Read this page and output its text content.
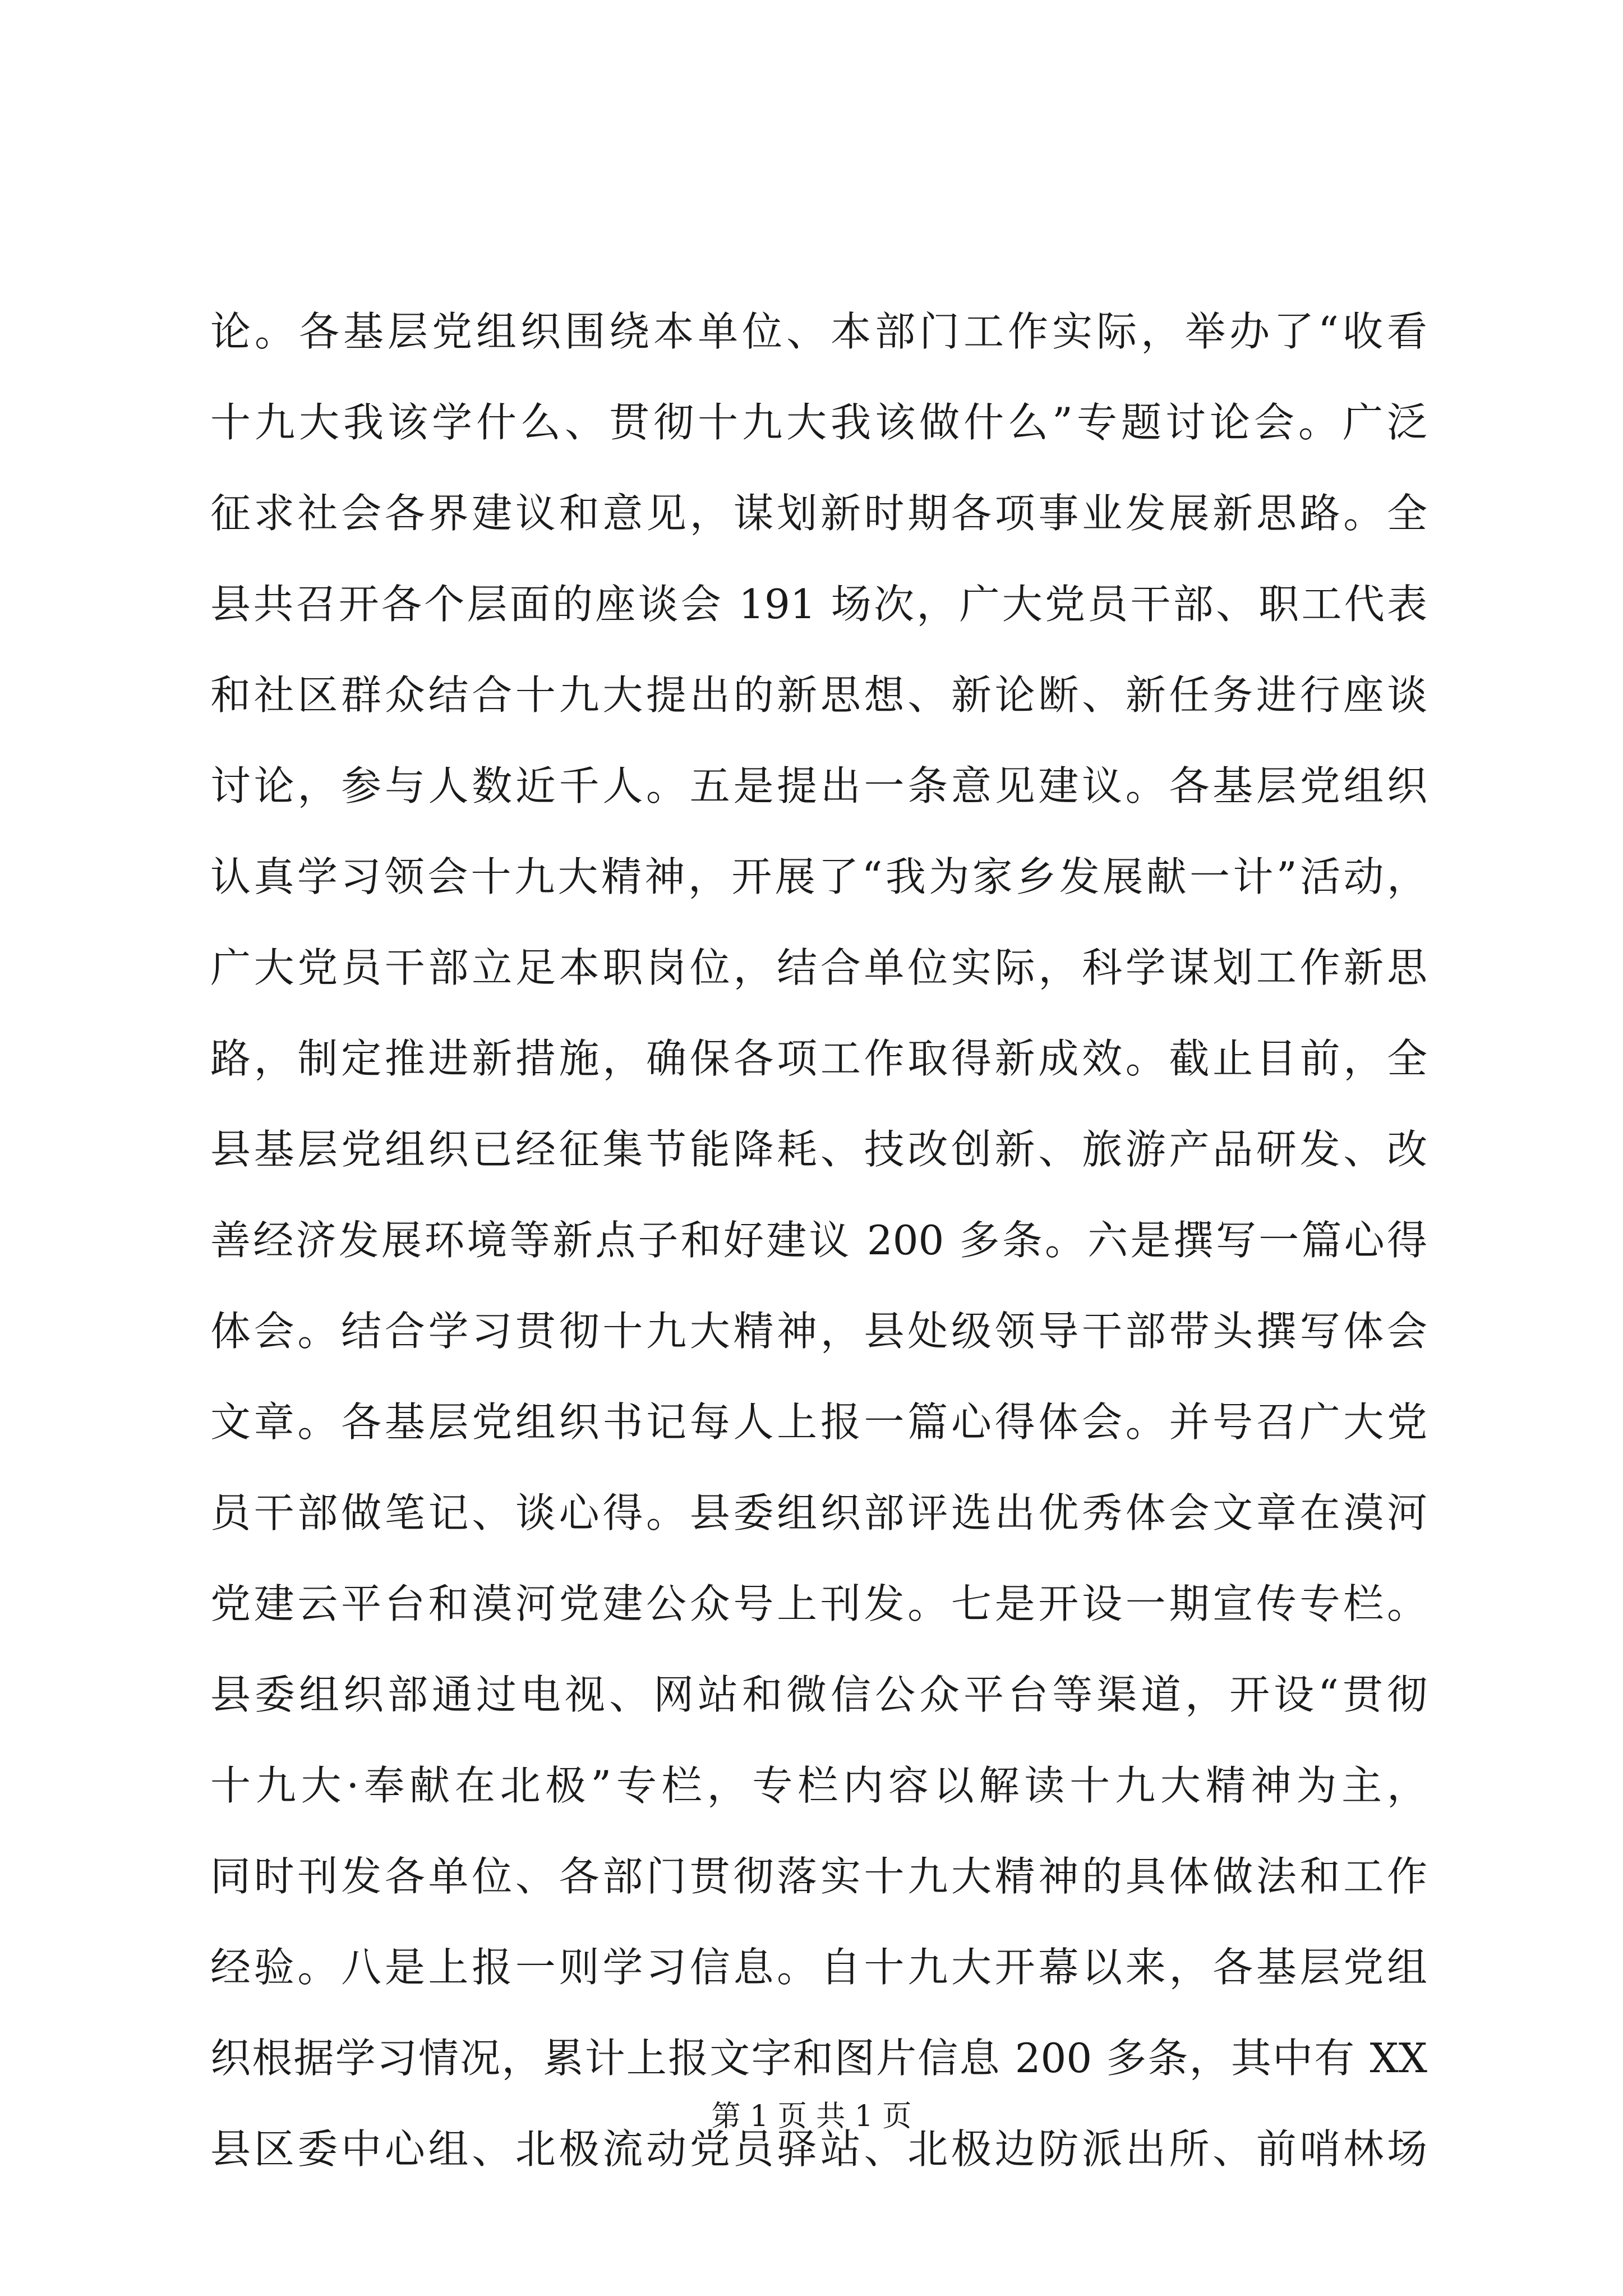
论。各基层党组织围绕本单位、本部门工作实际，举办了“收看
十九大我该学什么、贯彻十九大我该做什么”专题讨论会。广泛
征求社会各界建议和意见，谋划新时期各项事业发展新思路。全
县共召开各个层面的座谈会 191 场次，广大党员干部、职工代表
和社区群众结合十九大提出的新思想、新论断、新任务进行座谈
讨论，参与人数近千人。五是提出一条意见建议。各基层党组织
认真学习领会十九大精神，开展了“我为家乡发展献一计”活动，
广大党员干部立足本职岗位，结合单位实际，科学谋划工作新思
路，制定推进新措施，确保各项工作取得新成效。截止目前，全
县基层党组织已经征集节能降耗、技改创新、旅游产品研发、改
善经济发展环境等新点子和好建议 200 多条。六是撰写一篇心得
体会。结合学习贯彻十九大精神，县处级领导干部带头撰写体会
文章。各基层党组织书记每人上报一篇心得体会。并号召广大党
员干部做笔记、谈心得。县委组织部评选出优秀体会文章在漠河
党建云平台和漠河党建公众号上刊发。七是开设一期宣传专栏。
县委组织部通过电视、网站和微信公众平台等渠道，开设“贯彻
十九大·奉献在北极”专栏，专栏内容以解读十九大精神为主，
同时刊发各单位、各部门贯彻落实十九大精神的具体做法和工作
经验。八是上报一则学习信息。自十九大开幕以来，各基层党组
织根据学习情况，累计上报文字和图片信息 200 多条，其中有 XX
县区委中心组、北极流动党员驿站、北极边防派出所、前哨林场
第 1 页 共 1 页
